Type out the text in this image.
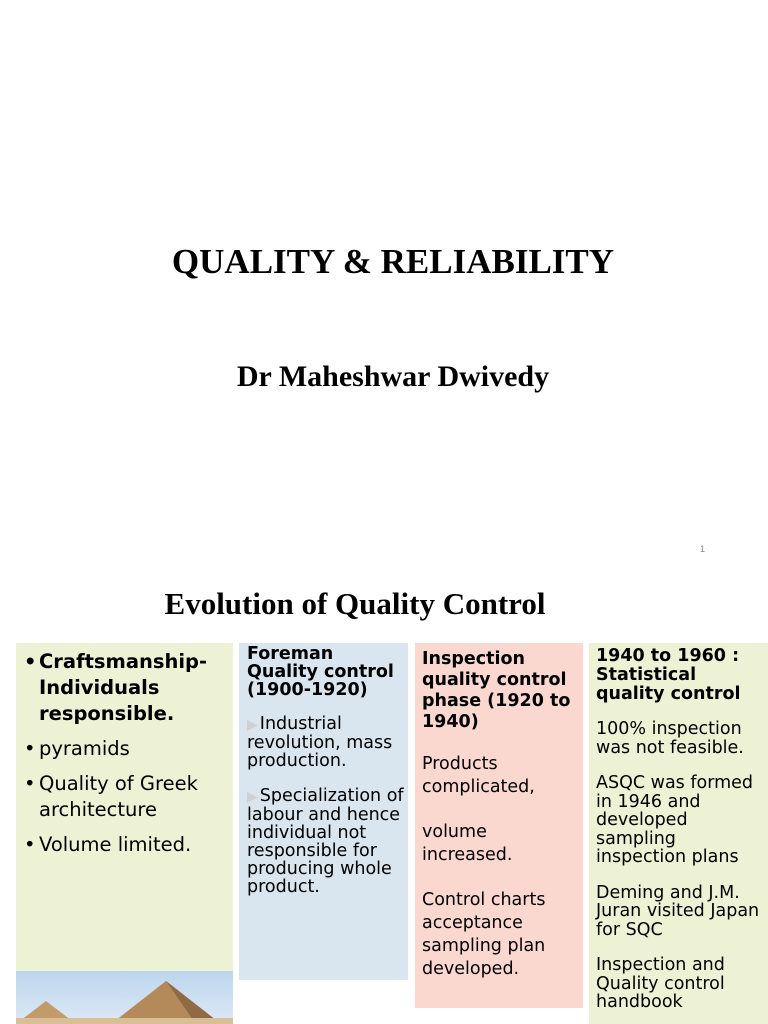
QUALITY & RELIABILITY
Dr Maheshwar Dwivedy
1
Evolution of Quality Control
• Craftsmanship-Individuals responsible.
• pyramids
• Quality of Greek architecture
• Volume limited.
Foreman Quality control (1900-1920)
▶ Industrial revolution, mass production.
▶ Specialization of labour and hence individual not responsible for producing whole product.
Inspection quality control phase (1920 to 1940)
Products complicated,
volume increased.
Control charts acceptance sampling plan developed.
1940 to 1960 : Statistical quality control
100% inspection was not feasible.
ASQC was formed in 1946 and developed sampling inspection plans
Deming and J.M. Juran visited Japan for SQC
Inspection and Quality control handbook
